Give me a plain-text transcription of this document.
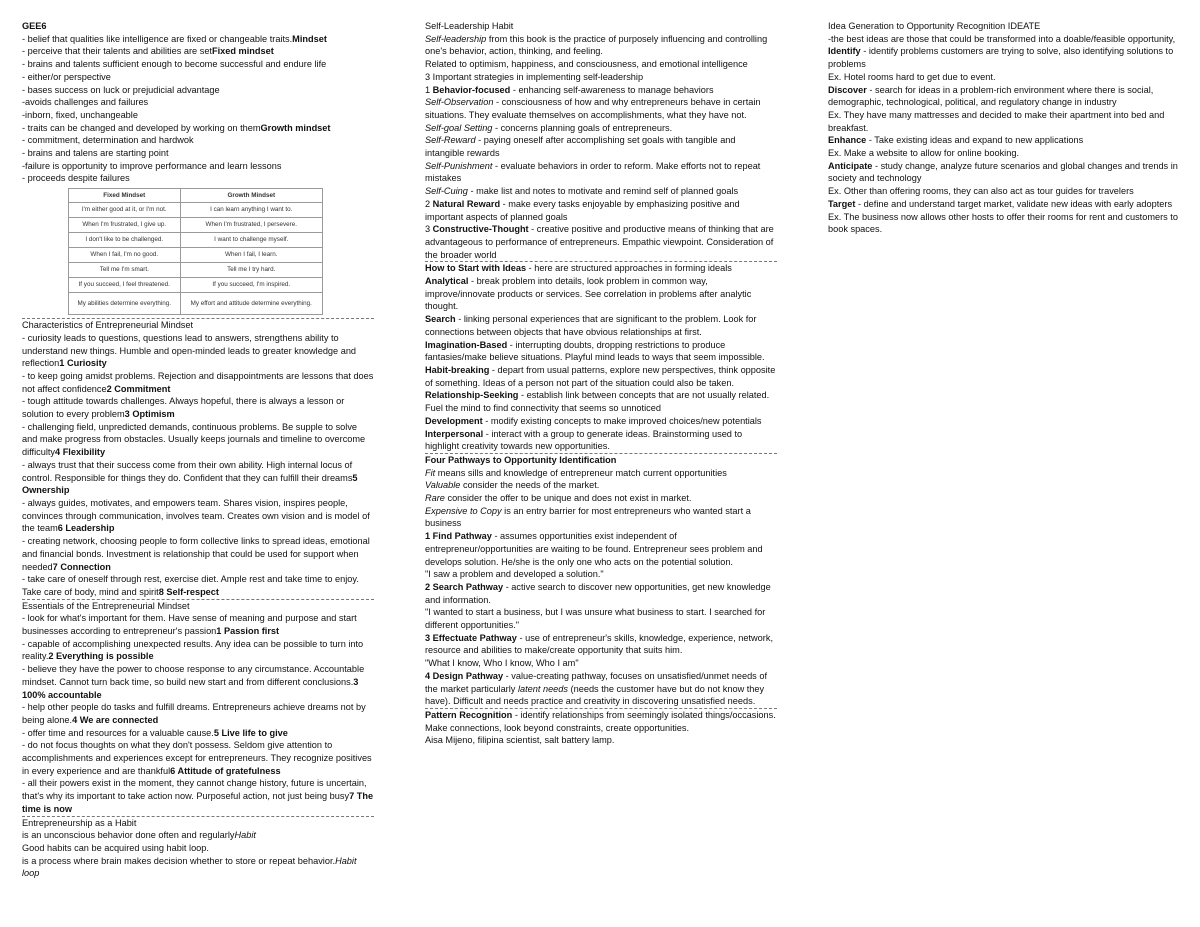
GEE6
- belief that qualities like intelligence are fixed or changeable traits.Mindset
- perceive that their talents and abilities are setFixed mindset
- brains and talents sufficient enough to become successful and endure life
- either/or perspective
- bases success on luck or prejudicial advantage
-avoids challenges and failures
-inborn, fixed, unchangeable
- traits can be changed and developed by working on themGrowth mindset
- commitment, determination and hardwok
- brains and talens are starting point
-failure is opportunity to improve performance and learn lessons
- proceeds despite failures
Fixed Mindset	Growth Mindset
I'm either good at it, or I'm not.	I can learn anything I want to.
When I'm frustrated, I give up.	When I'm frustrated, I persevere.
I don't like to be challenged.	I want to challenge myself.
When I fail, I'm no good.	When I fail, I learn.
Tell me I'm smart.	Tell me I try hard.
If you succeed, I feel threatened.	If you succeed, I'm inspired.
My abilities determine everything.	My effort and attitude determine everything.
Characteristics of Entrepreneurial Mindset
- curiosity leads to questions, questions lead to answers, strengthens ability to understand new things. Humble and open-minded leads to greater knowledge and reflection1 Curiosity
- to keep going amidst problems. Rejection and disappointments are lessons that does not affect confidence2 Commitment
- tough attitude towards challenges. Always hopeful, there is always a lesson or solution to every problem3 Optimism
- challenging field, unpredicted demands, continuous problems. Be supple to solve and make progress from obstacles. Usually keeps journals and timeline to overcome difficulty4 Flexibility
- always trust that their success come from their own ability. High internal locus of control. Responsible for things they do. Confident that they can fulfill their dreams5 Ownership
- always guides, motivates, and empowers team. Shares vision, inspires people, convinces through communication, involves team. Creates own vision and is model of the team6 Leadership
- creating network, choosing people to form collective links to spread ideas, emotional and financial bonds. Investment is relationship that could be used for support when needed7 Connection
- take care of oneself through rest, exercise diet. Ample rest and take time to enjoy. Take care of body, mind and spirit8 Self-respect
Essentials of the Entrepreneurial Mindset
- look for what's important for them. Have sense of meaning and purpose and start businesses according to entrepreneur's passion1 Passion first
- capable of accomplishing unexpected results. Any idea can be possible to turn into reality.2 Everything is possible
- believe they have the power to choose response to any circumstance. Accountable mindset. Cannot turn back time, so build new start and from different conclusions.3 100% accountable
- help other people do tasks and fulfill dreams. Entrepreneurs achieve dreams not by being alone.4 We are connected
- offer time and resources for a valuable cause.5 Live life to give
- do not focus thoughts on what they don't possess. Seldom give attention to accomplishments and experiences except for entrepreneurs. They recognize positives in every experience and are thankful6 Attitude of gratefulness
- all their powers exist in the moment, they cannot change history, future is uncertain, that's why its important to take action now. Purposeful action, not just being busy7 The time is now
Entrepreneurship as a Habit
is an unconscious behavior done often and regularlyHabit
Good habits can be acquired using habit loop.
is a process where brain makes decision whether to store or repeat behavior.Habit loop
Self-Leadership Habit
Self-leadership from this book is the practice of purposely influencing and controlling one's behavior, action, thinking, and feeling.
Related to optimism, happiness, and consciousness, and emotional intelligence
3 Important strategies in implementing self-leadership
1 Behavior-focused - enhancing self-awareness to manage behaviors
Self-Observation - consciousness of how and why entrepreneurs behave in certain situations. They evaluate themselves on accomplishments, what they have not.
Self-goal Setting - concerns planning goals of entrepreneurs.
Self-Reward - paying oneself after accomplishing set goals with tangible and intangible rewards
Self-Punishment - evaluate behaviors in order to reform. Make efforts not to repeat mistakes
Self-Cuing - make list and notes to motivate and remind self of planned goals
2 Natural Reward - make every tasks enjoyable by emphasizing positive and important aspects of planned goals
3 Constructive-Thought - creative positive and productive means of thinking that are advantageous to performance of entrepreneurs. Empathic viewpoint. Consideration of the broader world
How to Start with Ideas - here are structured approaches in forming ideals
Analytical - break problem into details, look problem in common way, improve/innovate products or services. See correlation in problems after analytic thought.
Search - linking personal experiences that are significant to the problem. Look for connections between objects that have obvious relationships at first.
Imagination-Based - interrupting doubts, dropping restrictions to produce fantasies/make believe situations. Playful mind leads to ways that seem impossible.
Habit-breaking - depart from usual patterns, explore new perspectives, think opposite of something. Ideas of a person not part of the situation could also be taken.
Relationship-Seeking - establish link between concepts that are not usually related. Fuel the mind to find connectivity that seems so unnoticed
Development - modify existing concepts to make improved choices/new potentials
Interpersonal - interact with a group to generate ideas. Brainstorming used to highlight creativity towards new opportunities.
Four Pathways to Opportunity Identification
Fit means sills and knowledge of entrepreneur match current opportunities
Valuable consider the needs of the market.
Rare consider the offer to be unique and does not exist in market.
Expensive to Copy is an entry barrier for most entrepreneurs who wanted start a business
1 Find Pathway - assumes opportunities exist independent of entrepreneur/opportunities are waiting to be found. Entrepreneur sees problem and develops solution. He/she is the only one who acts on the potential solution.
"I saw a problem and developed a solution."
2 Search Pathway - active search to discover new opportunities, get new knowledge and information.
"I wanted to start a business, but I was unsure what business to start. I searched for different opportunities."
3 Effectuate Pathway - use of entrepreneur's skills, knowledge, experience, network, resource and abilities to make/create opportunity that suits him.
"What I know, Who I know, Who I am"
4 Design Pathway - value-creating pathway, focuses on unsatisfied/unmet needs of the market particularly latent needs (needs the customer have but do not know they have). Difficult and needs practice and creativity in discovering unsatisfied needs.
Pattern Recognition - identify relationships from seemingly isolated things/occasions. Make connections, look beyond constraints, create opportunities.
Aisa Mijeno, filipina scientist, salt battery lamp.
Idea Generation to Opportunity Recognition IDEATE
-the best ideas are those that could be transformed into a doable/feasible opportunity,
Identify - identify problems customers are trying to solve, also identifying solutions to problems
Ex. Hotel rooms hard to get due to event.
Discover - search for ideas in a problem-rich environment where there is social, demographic, technological, political, and regulatory change in industry
Ex. They have many mattresses and decided to make their apartment into bed and breakfast.
Enhance - Take existing ideas and expand to new applications
Ex. Make a website to allow for online booking.
Anticipate - study change, analyze future scenarios and global changes and trends in society and technology
Ex. Other than offering rooms, they can also act as tour guides for travelers
Target - define and understand target market, validate new ideas with early adopters
Ex. The business now allows other hosts to offer their rooms for rent and customers to book spaces.
